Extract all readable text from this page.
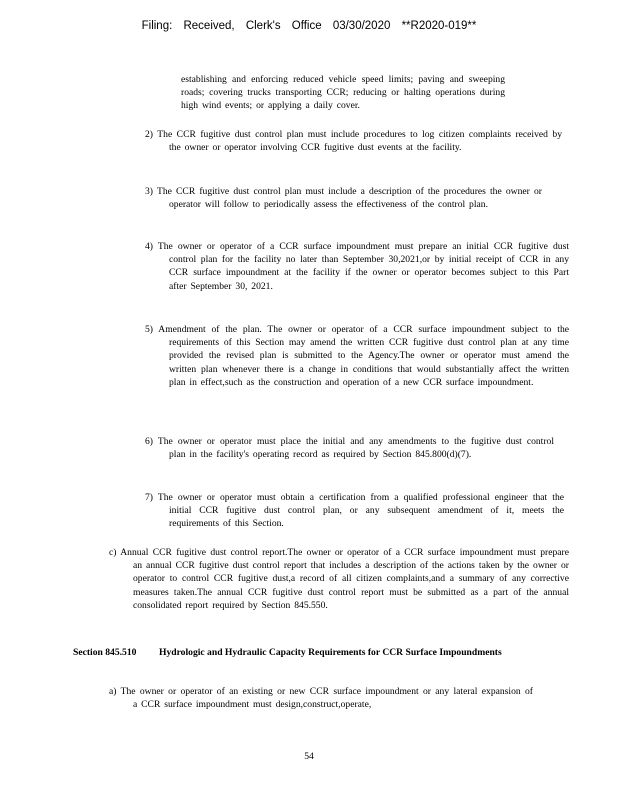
Filing: Received, Clerk's Office 03/30/2020 **R2020-019**

establishing and enforcing reduced vehicle speed limits; paving and sweeping roads; covering trucks transporting CCR; reducing or halting operations during high wind events; or applying a daily cover.

2) The CCR fugitive dust control plan must include procedures to log citizen complaints received by the owner or operator involving CCR fugitive dust events at the facility.

3) The CCR fugitive dust control plan must include a description of the procedures the owner or operator will follow to periodically assess the effectiveness of the control plan.

4) The owner or operator of a CCR surface impoundment must prepare an initial CCR fugitive dust control plan for the facility no later than September 30,2021,or by initial receipt of CCR in any CCR surface impoundment at the facility if the owner or operator becomes subject to this Part after September 30, 2021.

5) Amendment of the plan. The owner or operator of a CCR surface impoundment subject to the requirements of this Section may amend the written CCR fugitive dust control plan at any time provided the revised plan is submitted to the Agency.The owner or operator must amend the written plan whenever there is a change in conditions that would substantially affect the written plan in effect,such as the construction and operation of a new CCR surface impoundment.

6) The owner or operator must place the initial and any amendments to the fugitive dust control plan in the facility's operating record as required by Section 845.800(d)(7).

7) The owner or operator must obtain a certification from a qualified professional engineer that the initial CCR fugitive dust control plan, or any subsequent amendment of it, meets the requirements of this Section.

c) Annual CCR fugitive dust control report.The owner or operator of a CCR surface impoundment must prepare an annual CCR fugitive dust control report that includes a description of the actions taken by the owner or operator to control CCR fugitive dust,a record of all citizen complaints,and a summary of any corrective measures taken.The annual CCR fugitive dust control report must be submitted as a part of the annual consolidated report required by Section 845.550.

Section 845.510 Hydrologic and Hydraulic Capacity Requirements for CCR Surface Impoundments

a) The owner or operator of an existing or new CCR surface impoundment or any lateral expansion of a CCR surface impoundment must design,construct,operate,

54
